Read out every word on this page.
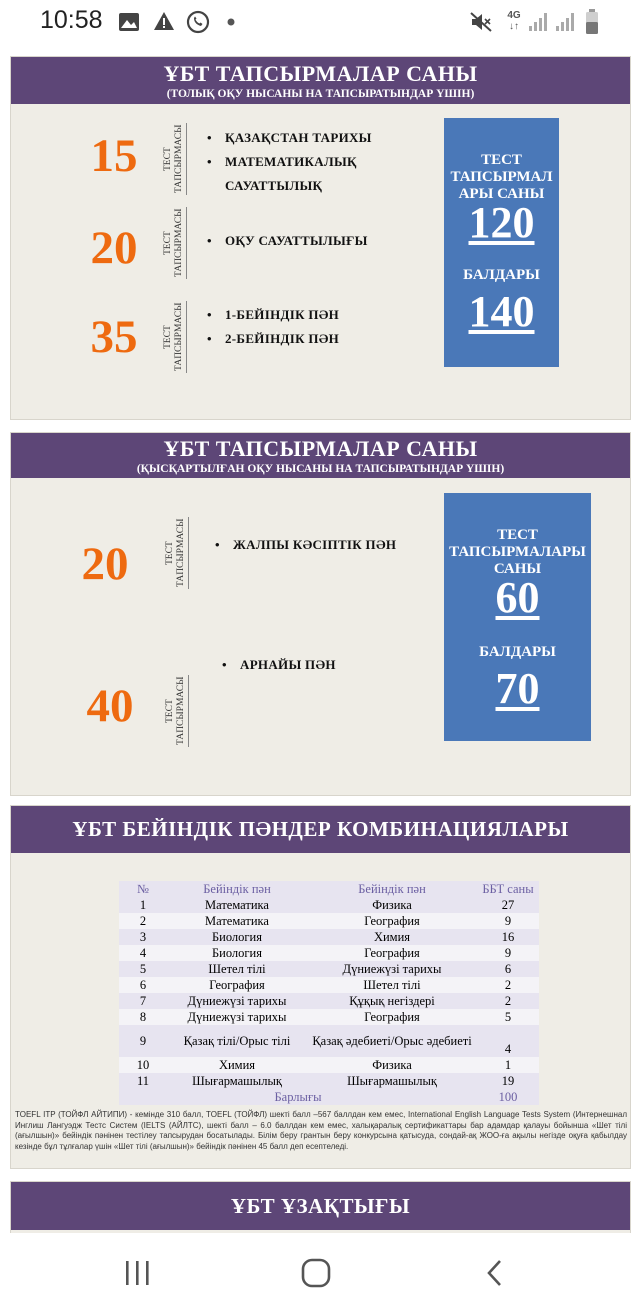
10:58	4G
↓↑
ҰБТ ТАПСЫРМАЛАР САНЫ
(ТОЛЫҚ ОҚУ НЫСАНЫ НА ТАПСЫРАТЫНДАР ҮШІН)
15	ТЕСТ
ТАПСЫРМАСЫ	• ҚАЗАҚСТАН ТАРИХЫ
• МАТЕМАТИКАЛЫҚ
САУАТТЫЛЫҚ
20	ТЕСТ
ТАПСЫРМАСЫ	• ОҚУ САУАТТЫЛЫҒЫ
35	ТЕСТ
ТАПСЫРМАСЫ	• 1-БЕЙІНДІК ПӘН
• 2-БЕЙІНДІК ПӘН
ТЕСТ
ТАПСЫРМАЛ
АРЫ САНЫ
120
БАЛДАРЫ
140
ҰБТ ТАПСЫРМАЛАР САНЫ
(ҚЫСҚАРТЫЛҒАН ОҚУ НЫСАНЫ НА ТАПСЫРАТЫНДАР ҮШІН)
20	ТЕСТ
ТАПСЫРМАСЫ	• ЖАЛПЫ КӘСІПТІК ПӘН
40	ТЕСТ
ТАПСЫРМАСЫ
• АРНАЙЫ ПӘН
ТЕСТ
ТАПСЫРМАЛАРЫ
САНЫ
60
БАЛДАРЫ
70
ҰБТ БЕЙІНДІК ПӘНДЕР КОМБИНАЦИЯЛАРЫ
№	Бейіндік пән	Бейіндік пән	ББТ саны
1	Математика	Физика	27
2	Математика	География	9
3	Биология	Химия	16
4	Биология	География	9
5	Шетел тілі	Дүниежүзі тарихы	6
6	География	Шетел тілі	2
7	Дүниежүзі тарихы	Құқық негіздері	2
8	Дүниежүзі тарихы	География	5
9	Қазақ тілі/Орыс тілі	Қазақ әдебиеті/Орыс әдебиеті	4
10	Химия	Физика	1
11	Шығармашылық	Шығармашылық	19
Барлығы			100
TOEFL ITP (ТОЙФЛ АЙТИПИ) - кемінде 310 балл, TOEFL (ТОЙФЛ) шекті балл –567 баллдан кем емес, International English Language Tests System (Интернешнал Инглиш Лангуэдж Тестс Систем (IELTS (АЙЛТС), шекті балл – 6.0 баллдан кем емес, халықаралық сертификаттары бар адамдар қалауы бойынша «Шет тілі (ағылшын)» бейіндік пәнінен тестілеу тапсырудан босатылады. Білім беру грантын беру конкурсына қатысуда, сондай-ақ ЖОО-ға ақылы негізде оқуға қабылдау кезінде бұл тұлғалар үшін «Шет тілі (ағылшын)» бейіндік пәнінен 45 балл деп есептеледі.
ҰБТ ҰЗАҚТЫҒЫ
